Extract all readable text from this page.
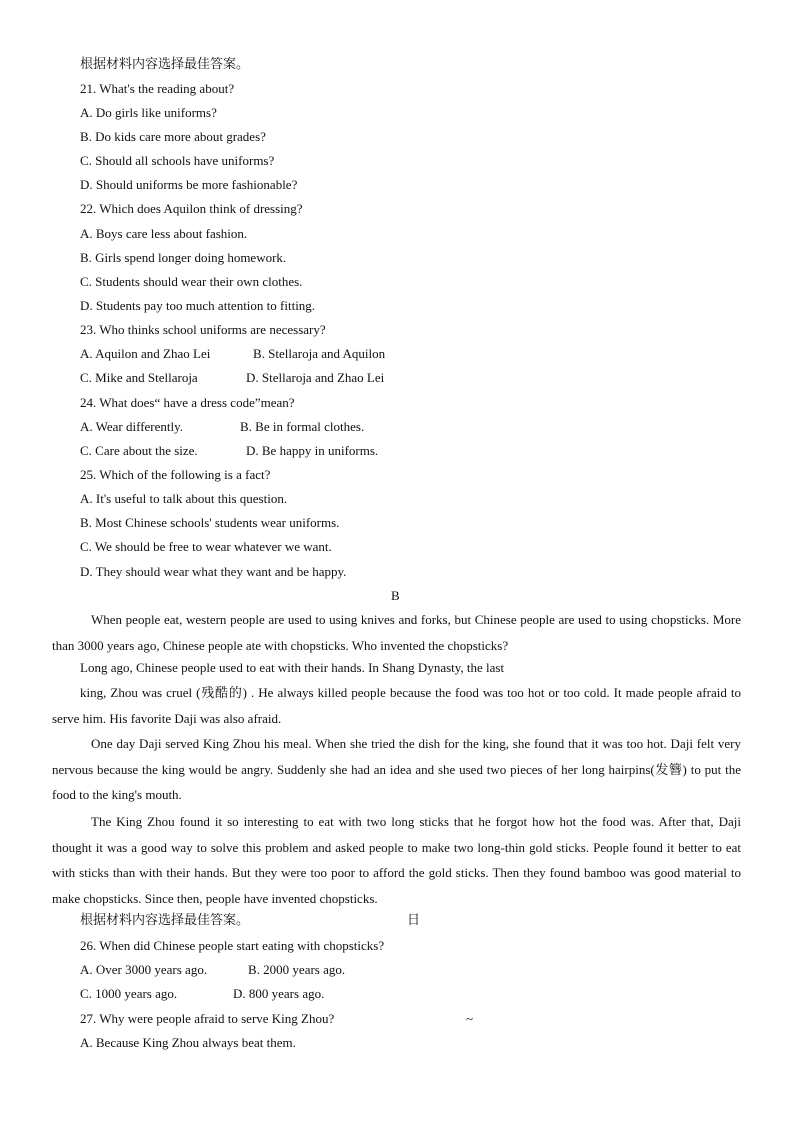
根据材料内容选择最佳答案。
21. What's the reading about?
A. Do girls like uniforms?
B. Do kids care more about grades?
C. Should all schools have uniforms?
D. Should uniforms be more fashionable?
22. Which does Aquilon think of dressing?
A. Boys care less about fashion.
B. Girls spend longer doing homework.
C. Students should wear their own clothes.
D. Students pay too much attention to fitting.
23. Who thinks school uniforms are necessary?
A. Aquilon and Zhao Lei	B. Stellaroja and Aquilon
C. Mike and Stellaroja	D. Stellaroja and Zhao Lei
24. What does“ have a dress code”mean?
A. Wear differently.	B. Be in formal clothes.
C. Care about the size.	D. Be happy in uniforms.
25. Which of the following is a fact?
A. It's useful to talk about this question.
B. Most Chinese schools' students wear uniforms.
C. We should be free to wear whatever we want.
D. They should wear what they want and be happy.
B
When people eat, western people are used to using knives and forks, but Chinese people are used to using chopsticks. More than 3000 years ago, Chinese people ate with chopsticks. Who invented the chopsticks?
Long ago, Chinese people used to eat with their hands. In Shang Dynasty, the last
king, Zhou was cruel (残酷的) . He always killed people because the food was too hot or too cold. It made people afraid to serve him. His favorite Daji was also afraid.
One day Daji served King Zhou his meal. When she tried the dish for the king, she found that it was too hot. Daji felt very nervous because the king would be angry. Suddenly she had an idea and she used two pieces of her long hairpins(发簪) to put the food to the king's mouth.
The King Zhou found it so interesting to eat with two long sticks that he forgot how hot the food was. After that, Daji thought it was a good way to solve this problem and asked people to make two long-thin gold sticks. People found it better to eat with sticks than with their hands. But they were too poor to afford the gold sticks. Then they found bamboo was good material to make chopsticks. Since then, people have invented chopsticks.
根据材料内容选择最佳答案。	日
26. When did Chinese people start eating with chopsticks?
A. Over 3000 years ago.	B. 2000 years ago.
C. 1000 years ago.	D. 800 years ago.
27. Why were people afraid to serve King Zhou?	~
A. Because King Zhou always beat them.
